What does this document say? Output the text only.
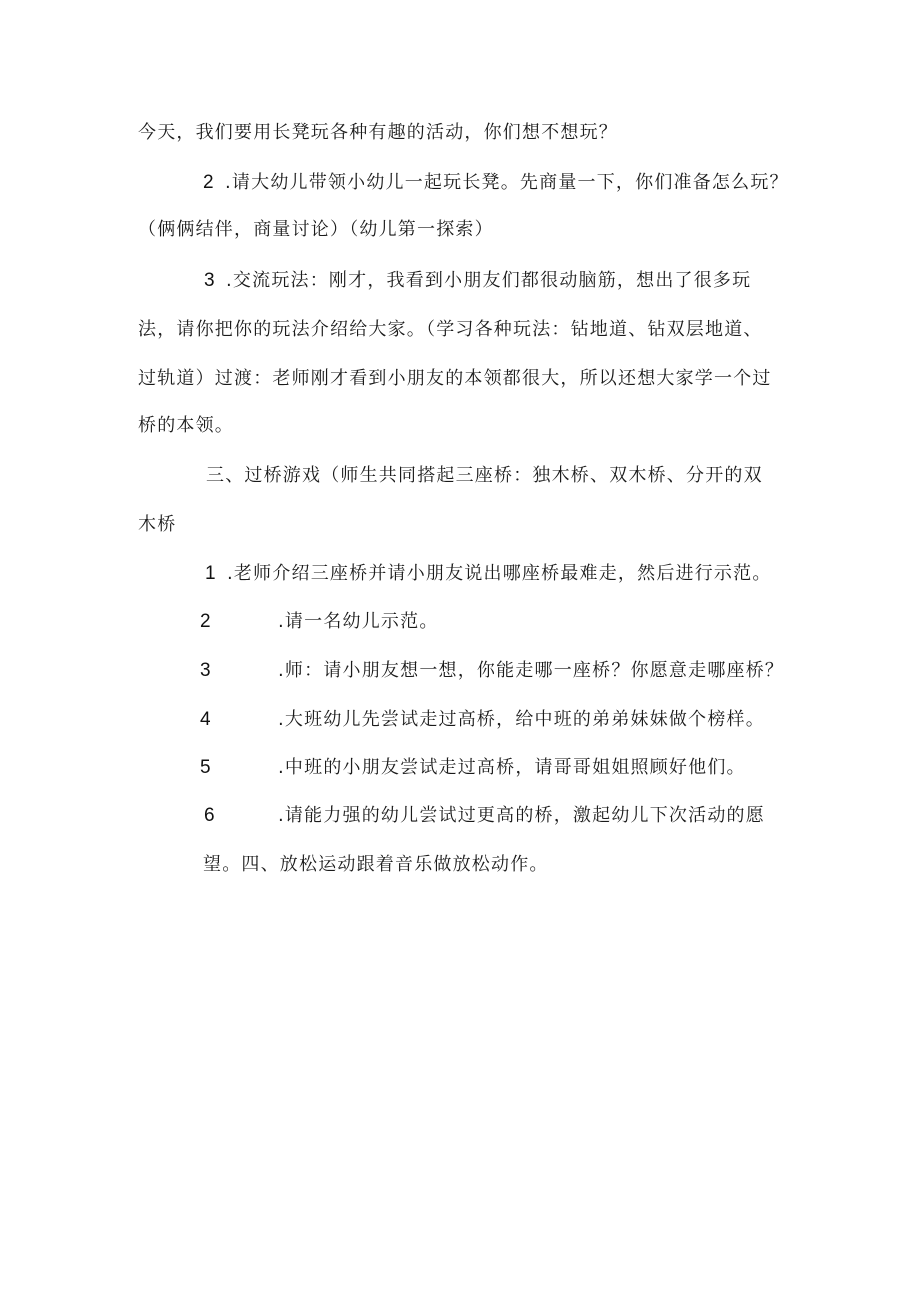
今天，我们要用长凳玩各种有趣的活动，你们想不想玩？
2 .请大幼儿带领小幼儿一起玩长凳。先商量一下，你们准备怎么玩？
（俩俩结伴，商量讨论）（幼儿第一探索）
3 .交流玩法：刚才，我看到小朋友们都很动脑筋，想出了很多玩
法，请你把你的玩法介绍给大家。（学习各种玩法：钻地道、钻双层地道、
过轨道）过渡：老师刚才看到小朋友的本领都很大，所以还想大家学一个过
桥的本领。
三、过桥游戏（师生共同搭起三座桥：独木桥、双木桥、分开的双
木桥
1 .老师介绍三座桥并请小朋友说出哪座桥最难走，然后进行示范。
2	.请一名幼儿示范。
3	.师：请小朋友想一想，你能走哪一座桥？你愿意走哪座桥？
4	.大班幼儿先尝试走过高桥，给中班的弟弟妹妹做个榜样。
5	.中班的小朋友尝试走过高桥，请哥哥姐姐照顾好他们。
6	.请能力强的幼儿尝试过更高的桥，激起幼儿下次活动的愿
望。四、放松运动跟着音乐做放松动作。
